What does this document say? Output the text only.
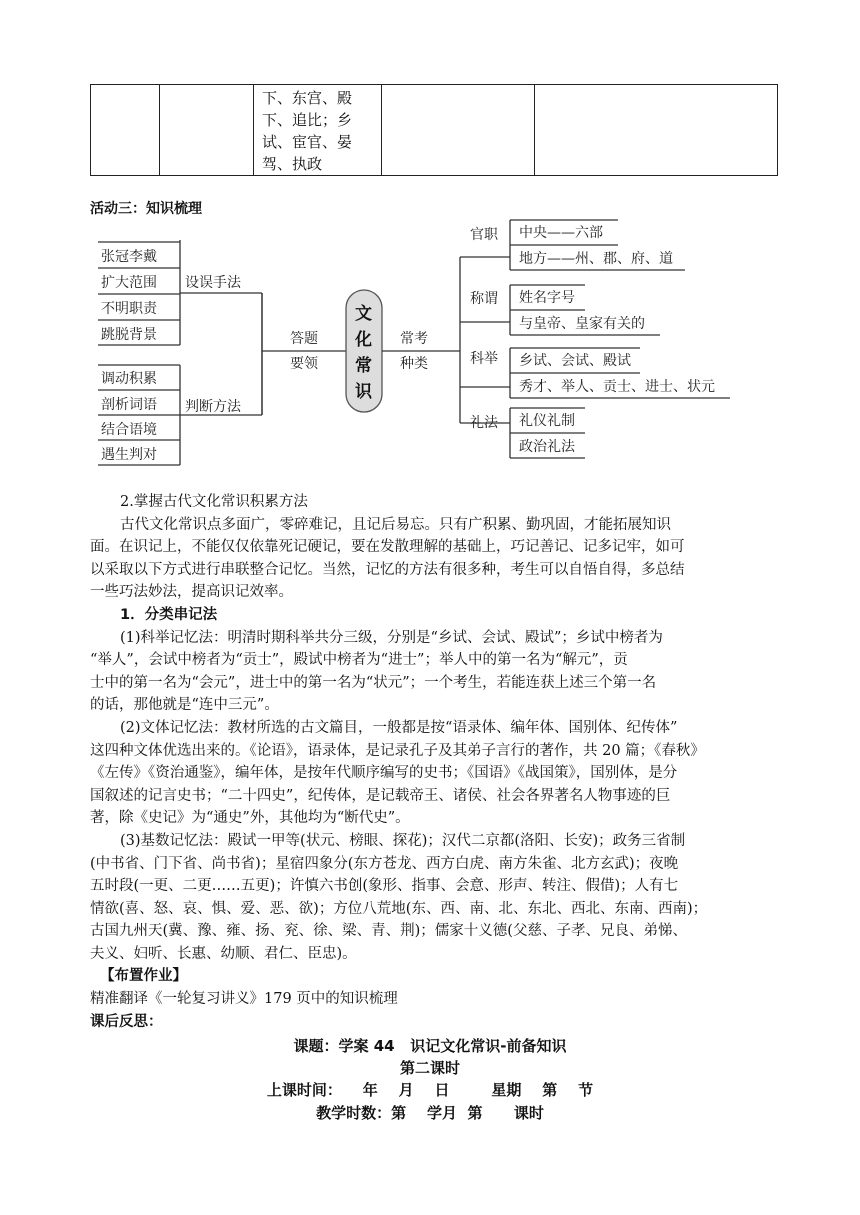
下、东宫、殿
下、追比；乡
试、宦官、晏
驾、执政

活动三：知识梳理
张冠李戴
扩大范围
不明职责
跳脱背景
设误手法
调动积累
剖析词语
结合语境
遇生判对
判断方法
答题
要领
常考
种类
文
化
常
识
官职 中央——六部
地方——州、郡、府、道
称谓 姓名字号
与皇帝、皇家有关的
科举 乡试、会试、殿试
秀才、举人、贡士、进士、状元
礼法 礼仪礼制
政治礼法
2.掌握古代文化常识积累方法
古代文化常识点多面广，零碎难记，且记后易忘。只有广积累、勤巩固，才能拓展知识
面。在识记上，不能仅仅依靠死记硬记，要在发散理解的基础上，巧记善记、记多记牢，如可
以采取以下方式进行串联整合记忆。当然，记忆的方法有很多种，考生可以自悟自得，多总结
一些巧法妙法，提高识记效率。
1．分类串记法
(1)科举记忆法：明清时期科举共分三级，分别是“乡试、会试、殿试”；乡试中榜者为
“举人”，会试中榜者为“贡士”，殿试中榜者为“进士”；举人中的第一名为“解元”，贡
士中的第一名为“会元”，进士中的第一名为“状元”；一个考生，若能连获上述三个第一名
的话，那他就是“连中三元”。
(2)文体记忆法：教材所选的古文篇目，一般都是按“语录体、编年体、国别体、纪传体”
这四种文体优选出来的。《论语》，语录体，是记录孔子及其弟子言行的著作，共 20 篇；《春秋》
《左传》《资治通鉴》，编年体，是按年代顺序编写的史书；《国语》《战国策》，国别体，是分
国叙述的记言史书；“二十四史”，纪传体，是记载帝王、诸侯、社会各界著名人物事迹的巨
著，除《史记》为“通史”外，其他均为“断代史”。
(3)基数记忆法：殿试一甲等(状元、榜眼、探花)；汉代二京都(洛阳、长安)；政务三省制
(中书省、门下省、尚书省)；星宿四象分(东方苍龙、西方白虎、南方朱雀、北方玄武)；夜晚
五时段(一更、二更……五更)；许慎六书创(象形、指事、会意、形声、转注、假借)；人有七
情欲(喜、怒、哀、惧、爱、恶、欲)；方位八荒地(东、西、南、北、东北、西北、东南、西南)；
古国九州天(冀、豫、雍、扬、兖、徐、梁、青、荆)；儒家十义德(父慈、子孝、兄良、弟悌、
夫义、妇听、长惠、幼顺、君仁、臣忠)。
【布置作业】
精准翻译《一轮复习讲义》179 页中的知识梳理
课后反思：
课题：学案 44   识记文化常识-前备知识
第二课时
上课时间：    年    月    日        星期    第    节
教学时数：第    学月  第      课时
